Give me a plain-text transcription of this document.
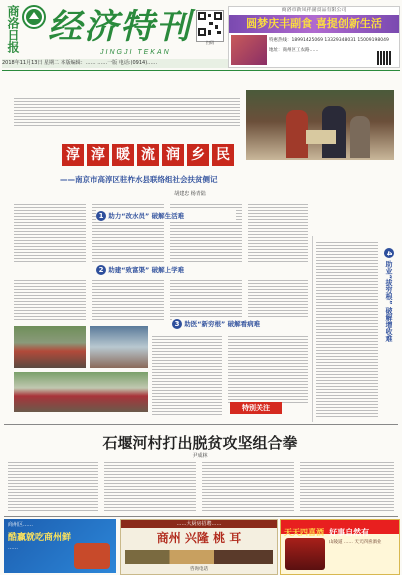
商洛日报 经济特刊
JINGJI TEKAN
扫码
2018年11月13日 星期二 本版编辑：…… ……一版 电话:(0914)……
商洛市新凤祥副食品有限公司
圆梦庆丰副食 喜提创新生活
特惠热线：18991425069 13329348031 15009198049
地址：商州区工农路……
淳 淳 暖 流 润 乡 民
——南京市高淳区驻柞水县联络组社会扶贫侧记
胡建忠 杨青陆
1 助力“改水员” 破解生活难
2 助建“致富渠” 破解上学难
3 助医“新穷根” 破解看病难
特别关注
4 助业“拔穷根” 破解增收难
石堰河村打出脱贫攻坚组合拳
尹成林
商州区……
酷赢就吃商州鲜
……
……大厨房招聘……
商州 兴隆 桃 耳
咨询电话
天天四喜酒 好事自然有
山陵道 …… 天天四喜酒业
